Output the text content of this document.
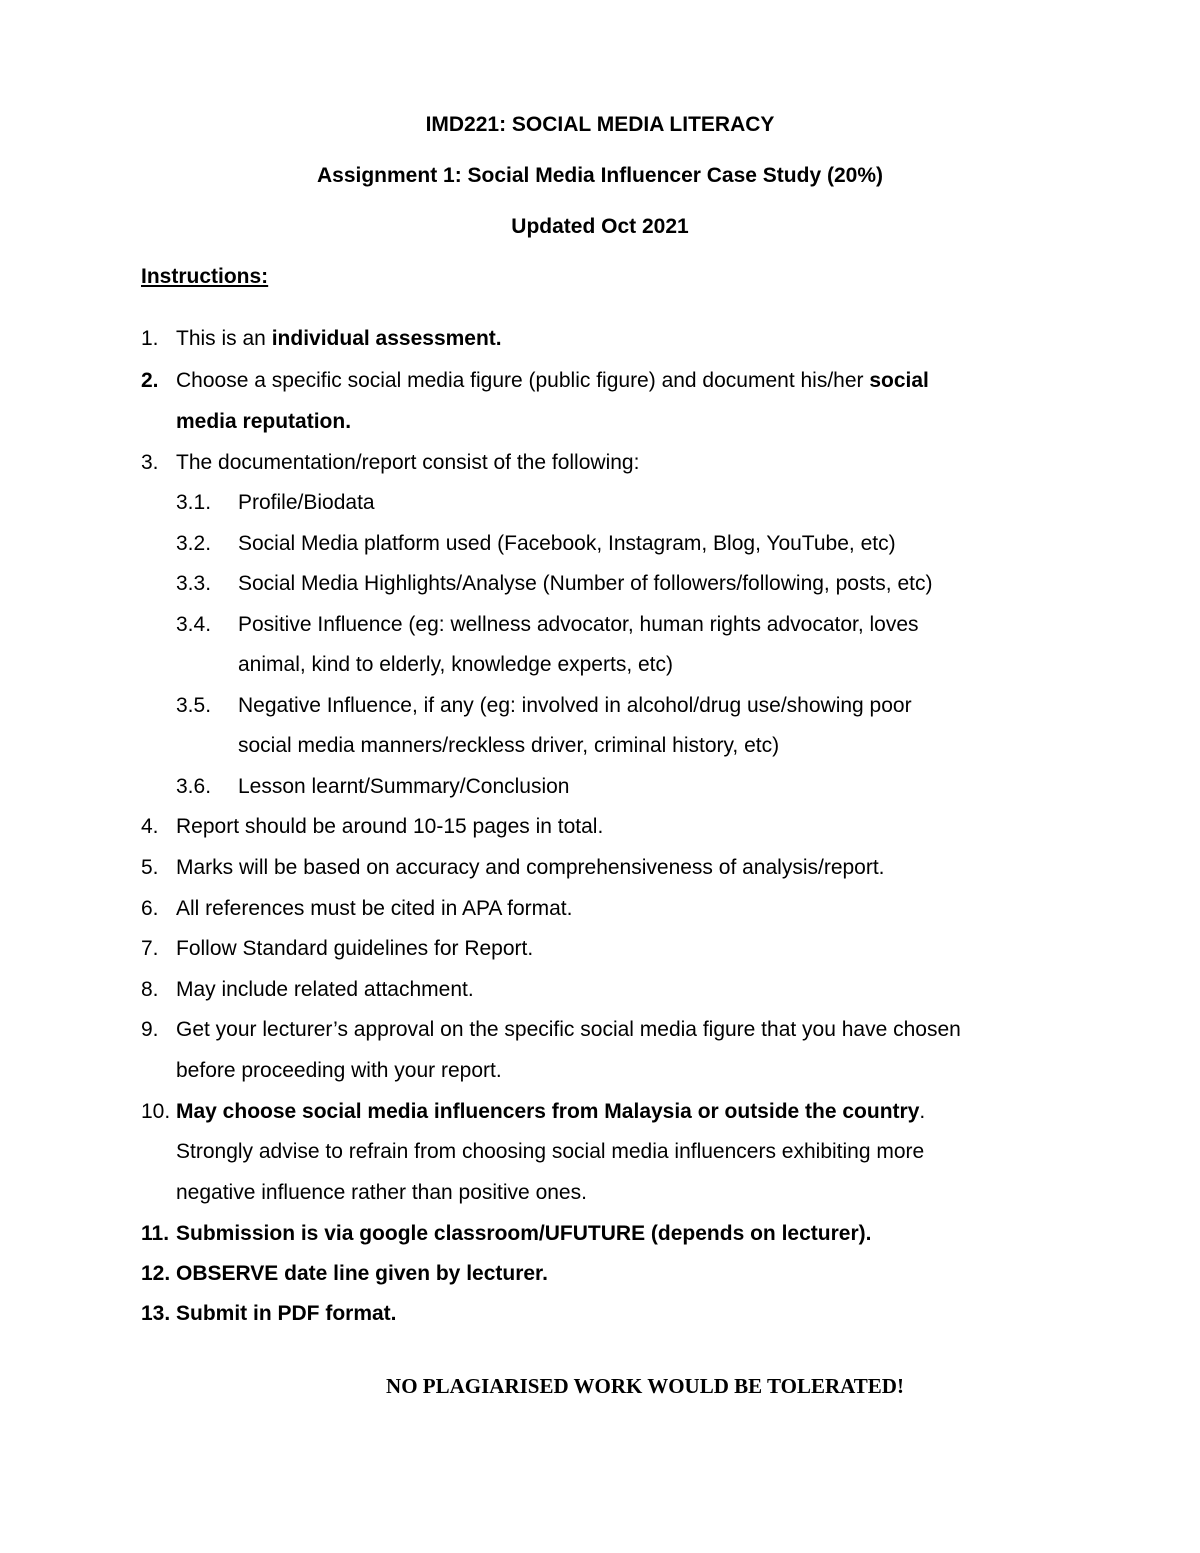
IMD221: SOCIAL MEDIA LITERACY
Assignment 1: Social Media Influencer Case Study (20%)
Updated Oct 2021
Instructions:
1. This is an individual assessment.
2. Choose a specific social media figure (public figure) and document his/her social
media reputation.
3. The documentation/report consist of the following:
3.1. Profile/Biodata
3.2. Social Media platform used (Facebook, Instagram, Blog, YouTube, etc)
3.3. Social Media Highlights/Analyse (Number of followers/following, posts, etc)
3.4. Positive Influence (eg: wellness advocator, human rights advocator, loves
animal, kind to elderly, knowledge experts, etc)
3.5. Negative Influence, if any (eg: involved in alcohol/drug use/showing poor
social media manners/reckless driver, criminal history, etc)
3.6. Lesson learnt/Summary/Conclusion
4. Report should be around 10-15 pages in total.
5. Marks will be based on accuracy and comprehensiveness of analysis/report.
6. All references must be cited in APA format.
7. Follow Standard guidelines for Report.
8. May include related attachment.
9. Get your lecturer’s approval on the specific social media figure that you have chosen
before proceeding with your report.
10. May choose social media influencers from Malaysia or outside the country.
Strongly advise to refrain from choosing social media influencers exhibiting more
negative influence rather than positive ones.
11. Submission is via google classroom/UFUTURE (depends on lecturer).
12. OBSERVE date line given by lecturer.
13. Submit in PDF format.
NO PLAGIARISED WORK WOULD BE TOLERATED!
